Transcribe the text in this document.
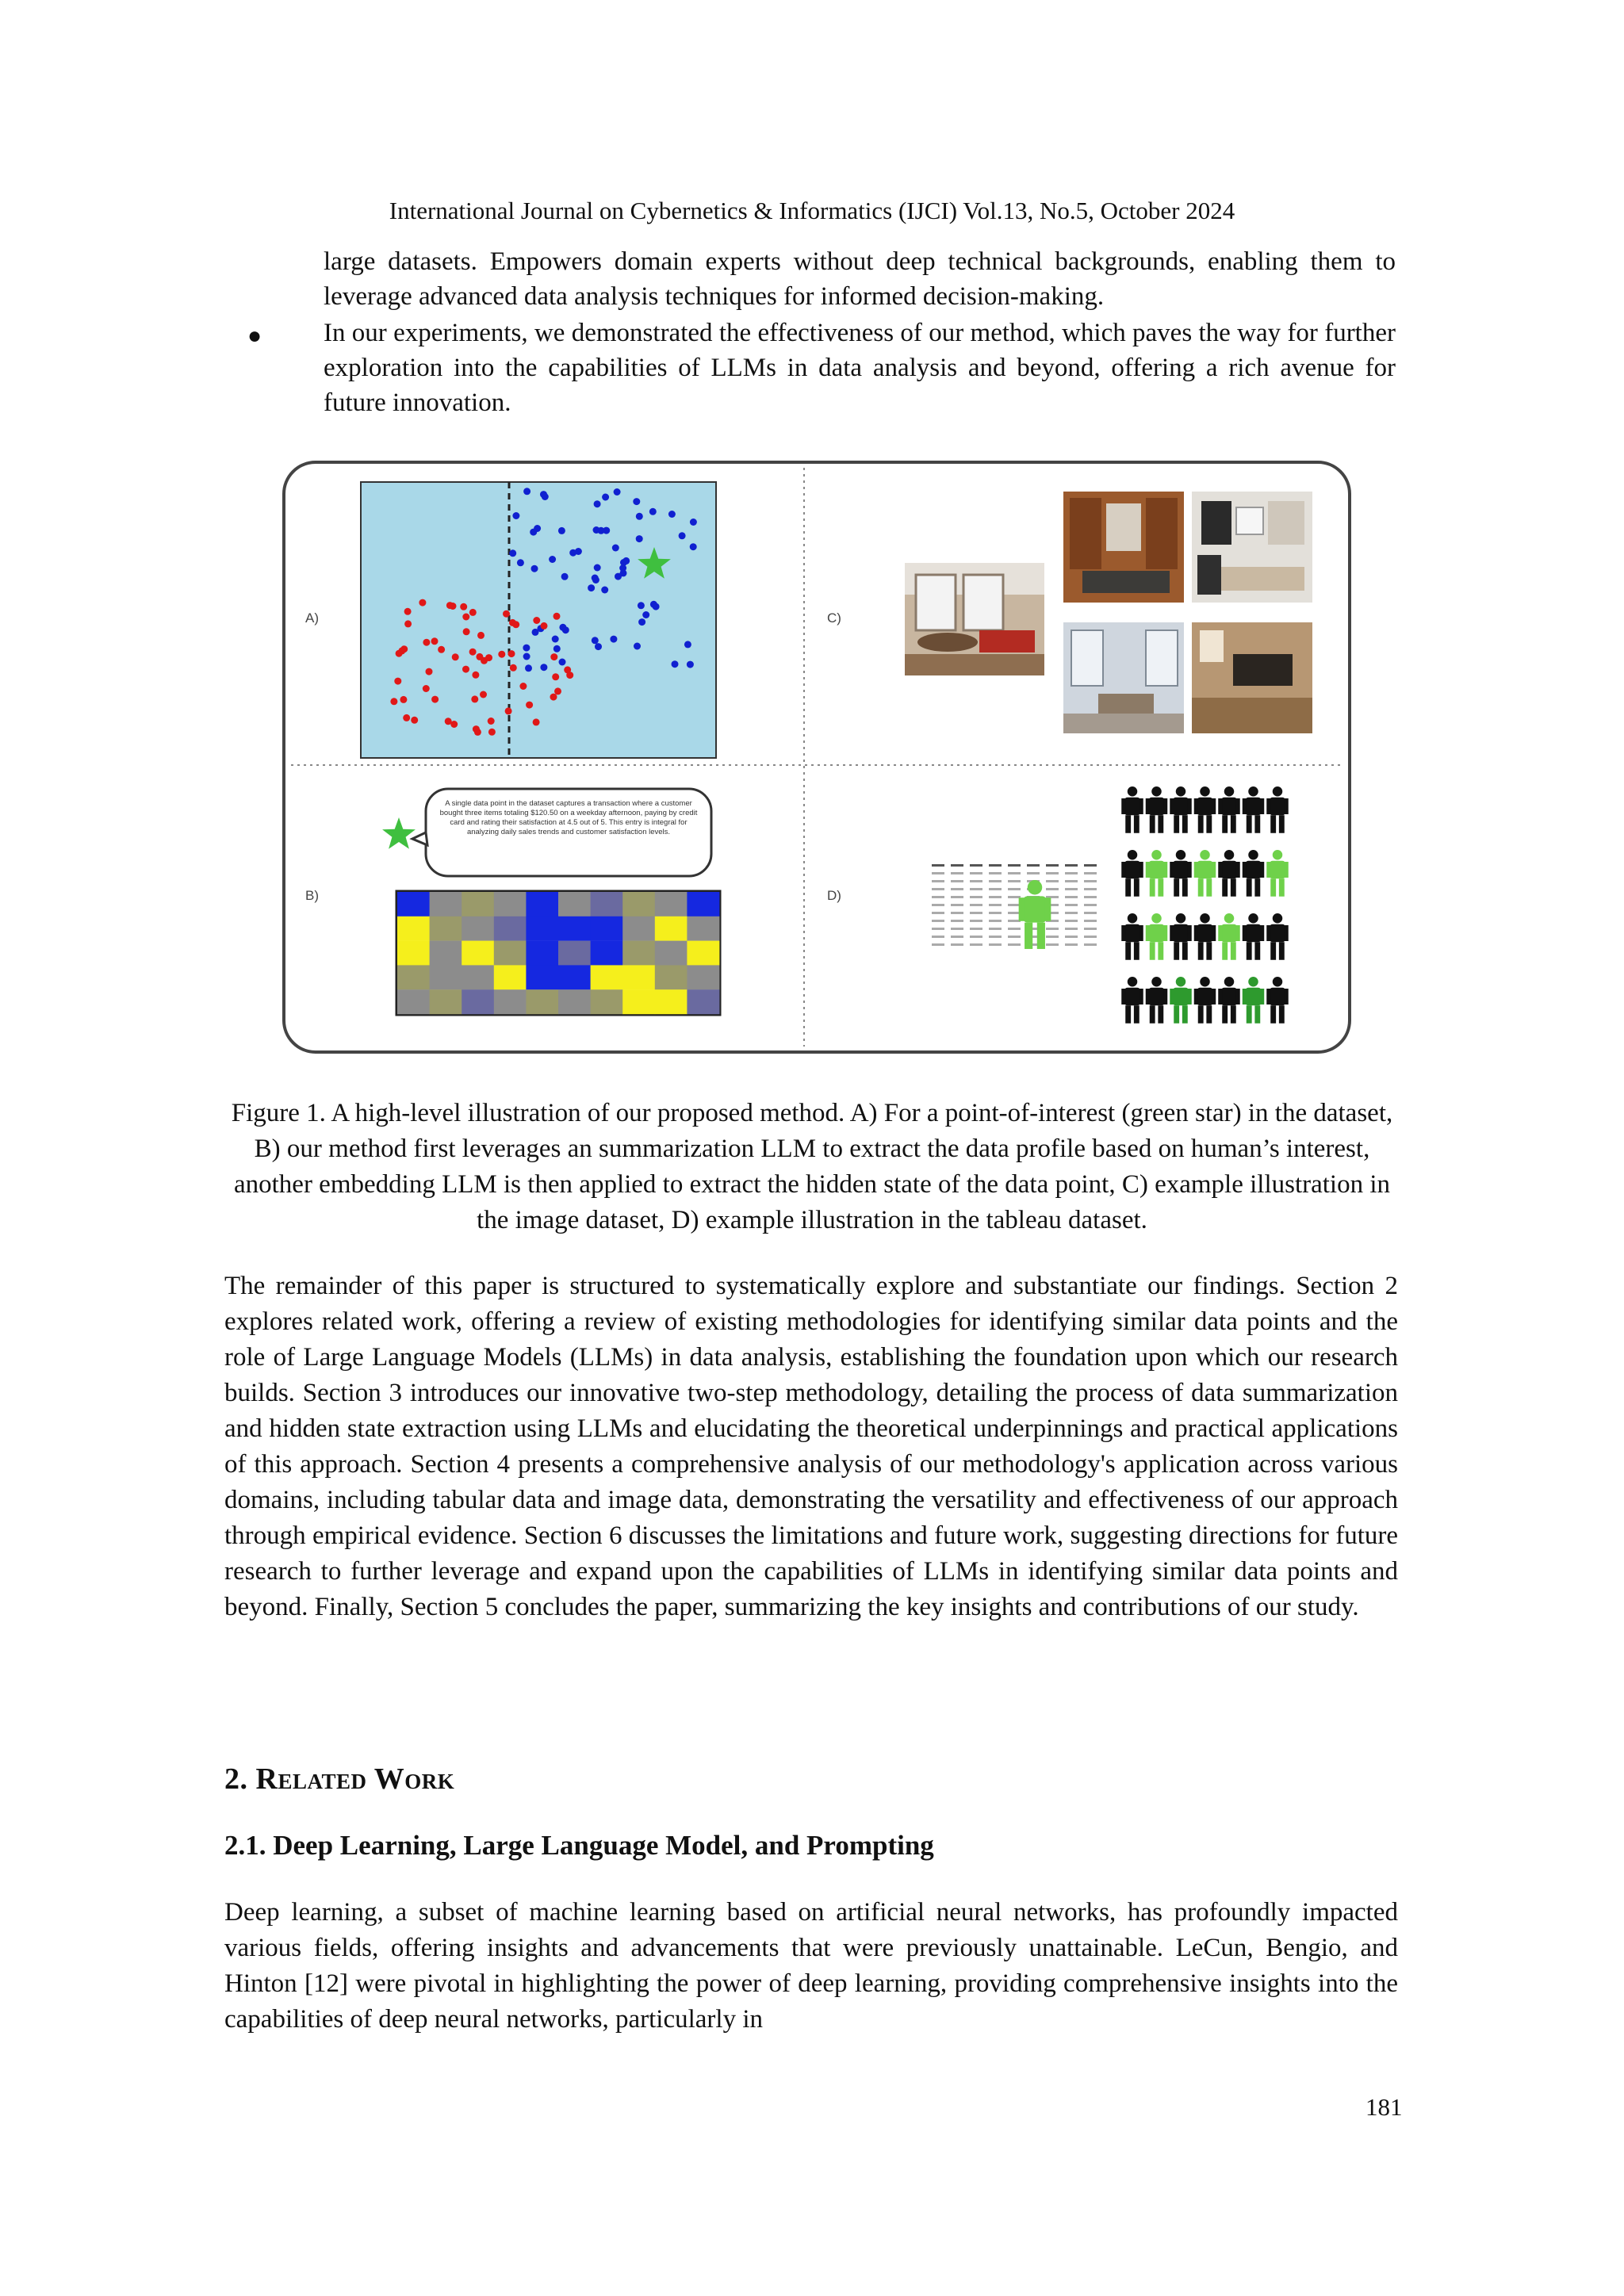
International Journal on Cybernetics & Informatics (IJCI) Vol.13, No.5, October 2024
large datasets. Empowers domain experts without deep technical backgrounds, enabling them to leverage advanced data analysis techniques for informed decision-making.
● In our experiments, we demonstrated the effectiveness of our method, which paves the way for further exploration into the capabilities of LLMs in data analysis and beyond, offering a rich avenue for future innovation.
A)
B)
C)
D)
A single data point in the dataset captures a transaction where a customer bought three items totaling $120.50 on a weekday afternoon, paying by credit card and rating their satisfaction at 4.5 out of 5. This entry is integral for analyzing daily sales trends and customer satisfaction levels.
Figure 1. A high-level illustration of our proposed method. A) For a point-of-interest (green star) in the dataset, B) our method first leverages an summarization LLM to extract the data profile based on human’s interest, another embedding LLM is then applied to extract the hidden state of the data point, C) example illustration in the image dataset, D) example illustration in the tableau dataset.
The remainder of this paper is structured to systematically explore and substantiate our findings. Section 2 explores related work, offering a review of existing methodologies for identifying similar data points and the role of Large Language Models (LLMs) in data analysis, establishing the foundation upon which our research builds. Section 3 introduces our innovative two-step methodology, detailing the process of data summarization and hidden state extraction using LLMs and elucidating the theoretical underpinnings and practical applications of this approach. Section 4 presents a comprehensive analysis of our methodology's application across various domains, including tabular data and image data, demonstrating the versatility and effectiveness of our approach through empirical evidence. Section 6 discusses the limitations and future work, suggesting directions for future research to further leverage and expand upon the capabilities of LLMs in identifying similar data points and beyond. Finally, Section 5 concludes the paper, summarizing the key insights and contributions of our study.
2. Related Work
2.1. Deep Learning, Large Language Model, and Prompting
Deep learning, a subset of machine learning based on artificial neural networks, has profoundly impacted various fields, offering insights and advancements that were previously unattainable. LeCun, Bengio, and Hinton [12] were pivotal in highlighting the power of deep learning, providing comprehensive insights into the capabilities of deep neural networks, particularly in
181
